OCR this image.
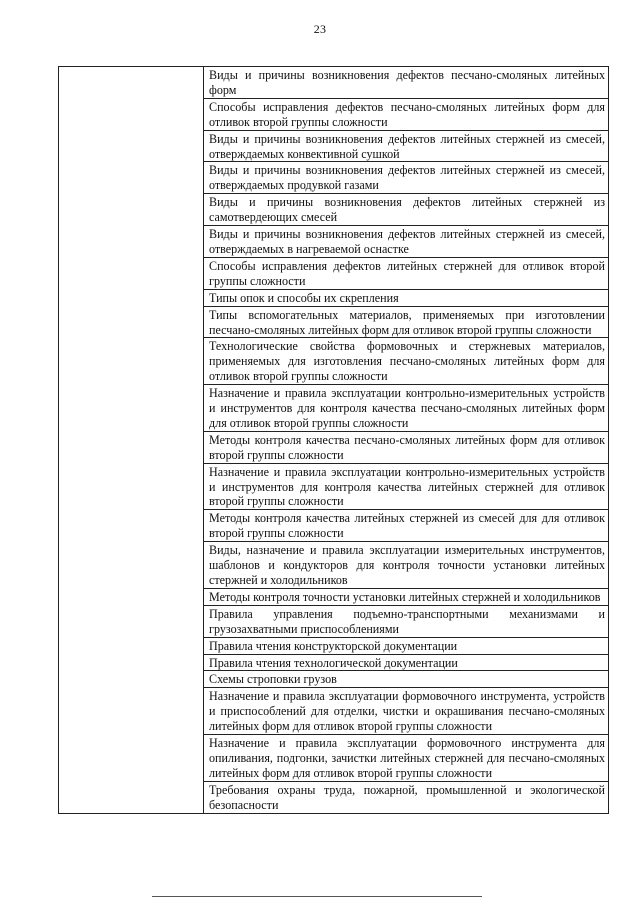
23

Виды и причины возникновения дефектов песчано-смоляных литейных форм

Способы исправления дефектов песчано-смоляных литейных форм для отливок второй группы сложности

Виды и причины возникновения дефектов литейных стержней из смесей, отверждаемых конвективной сушкой

Виды и причины возникновения дефектов литейных стержней из смесей, отверждаемых продувкой газами

Виды и причины возникновения дефектов литейных стержней из самотвердеющих смесей

Виды и причины возникновения дефектов литейных стержней из смесей, отверждаемых в нагреваемой оснастке

Способы исправления дефектов литейных стержней для отливок второй группы сложности

Типы опок и способы их скрепления

Типы вспомогательных материалов, применяемых при изготовлении песчано-смоляных литейных форм для отливок второй группы сложности

Технологические свойства формовочных и стержневых материалов, применяемых для изготовления песчано-смоляных литейных форм для отливок второй группы сложности

Назначение и правила эксплуатации контрольно-измерительных устройств и инструментов для контроля качества песчано-смоляных литейных форм для отливок второй группы сложности

Методы контроля качества песчано-смоляных литейных форм для отливок второй группы сложности

Назначение и правила эксплуатации контрольно-измерительных устройств и инструментов для контроля качества литейных стержней для отливок второй группы сложности

Методы контроля качества литейных стержней из смесей для для отливок второй группы сложности

Виды, назначение и правила эксплуатации измерительных инструментов, шаблонов и кондукторов для контроля точности установки литейных стержней и холодильников

Методы контроля точности установки литейных стержней и холодильников

Правила управления подъемно-транспортными механизмами и грузозахватными приспособлениями

Правила чтения конструкторской документации

Правила чтения технологической документации

Схемы строповки грузов

Назначение и правила эксплуатации формовочного инструмента, устройств и приспособлений для отделки, чистки и окрашивания песчано-смоляных литейных форм для отливок второй группы сложности

Назначение и правила эксплуатации формовочного инструмента для опиливания, подгонки, зачистки литейных стержней для песчано-смоляных литейных форм для отливок второй группы сложности

Требования охраны труда, пожарной, промышленной и экологической безопасности
